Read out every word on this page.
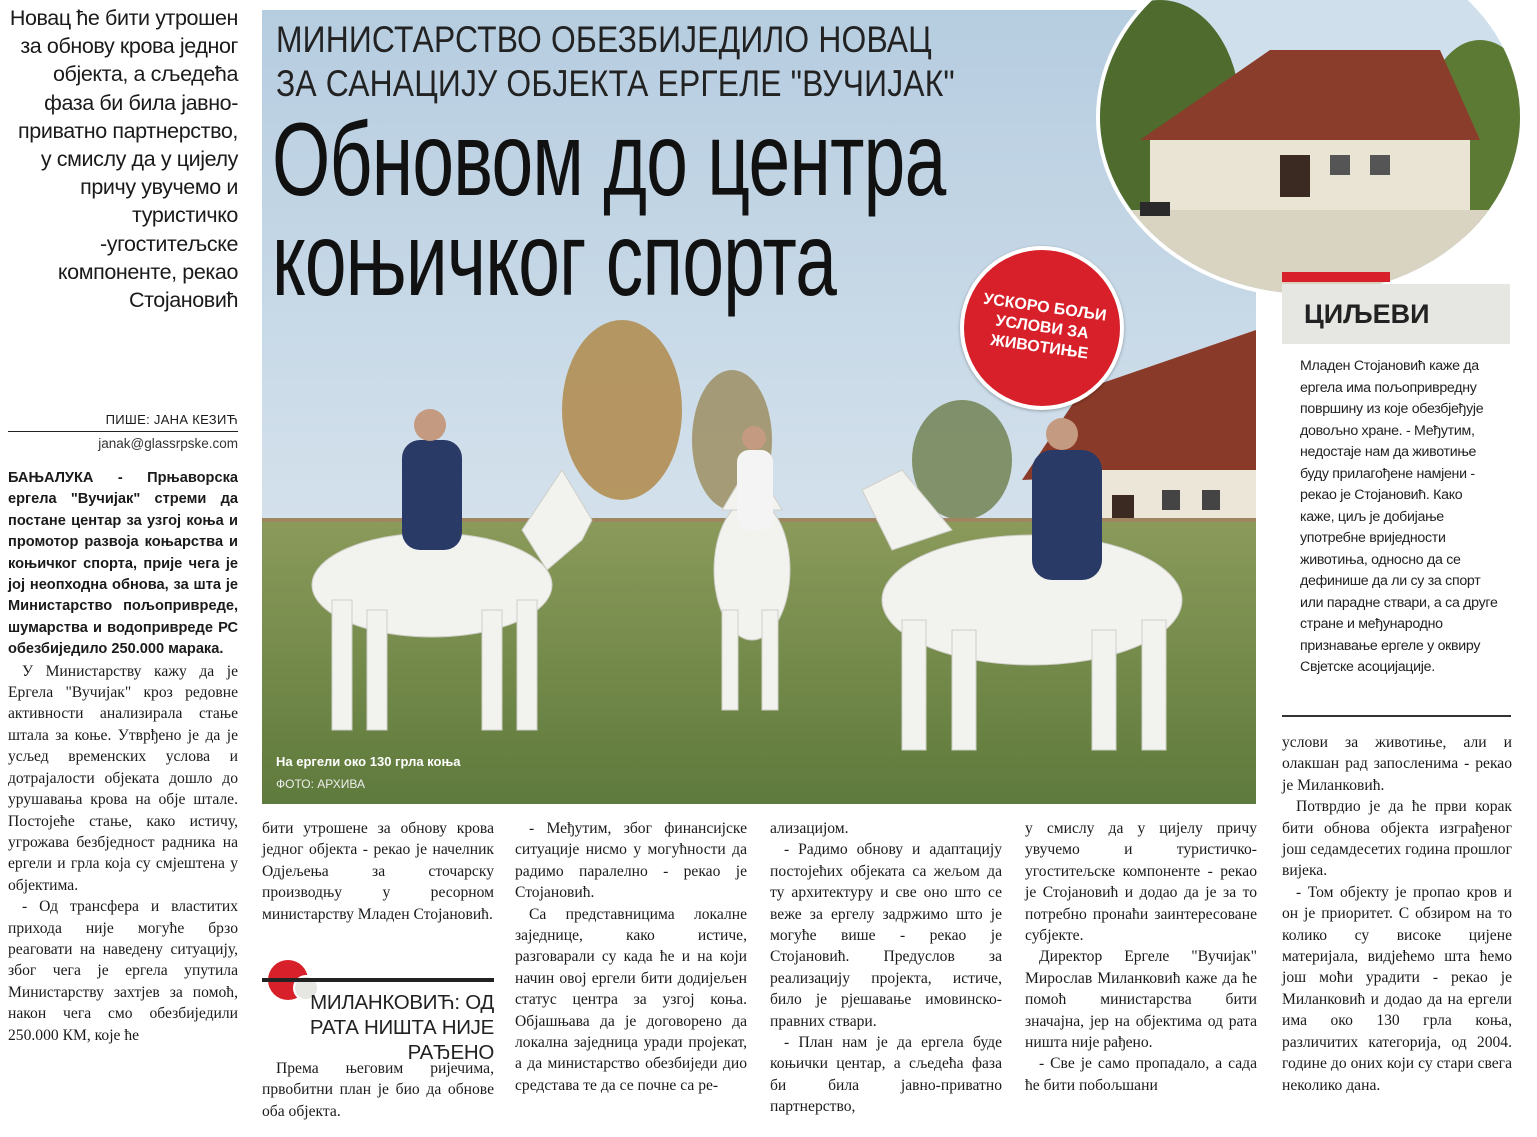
Новац ће бити утрошен за обнову крова једног објекта, а сљедећа фаза би била јавно-приватно партнерство, у смислу да у цијелу причу увучемо и туристичко -угоститељске компоненте, рекао Стојановић
ПИШЕ: ЈАНА КЕЗИЋ
janak@glassrpske.com

БАЊАЛУКА - Прњаворска ергела "Вучијак" стреми да постане центар за узгој коња и промотор развоја коњарства и коњичког спорта, прије чега је јој неопходна обнова, за шта је Министарство пољопривреде, шумарства и водопривреде РС обезбиједило 250.000 марака.

У Министарству кажу да је Ергела "Вучијак" кроз редовне активности анализирала стање штала за коње. Утврђено је да је усљед временских услова и дотрајалости објеката дошло до урушавања крова на обје штале. Постојеће стање, како истичу, угрожава безбједност радника на ергели и грла која су смјештена у објектима.

- Од трансфера и властитих прихода није могуће брзо реаговати на наведену ситуацију, због чега је ергела упутила Министарству захтјев за помоћ, након чега смо обезбиједили 250.000 КМ, које ће

МИНИСТАРСТВО ОБЕЗБИЈЕДИЛО НОВАЦ
ЗА САНАЦИЈУ ОБЈЕКТА ЕРГЕЛЕ "ВУЧИЈАК"
Обновом до центра
коњичког спорта	УСКОРО БОЉИ УСЛОВИ ЗА ЖИВОТИЊЕ
На ергели око 130 грла коња
ФОТО: АРХИВА
ЦИЉЕВИ

Младен Стојановић каже да ергела има пољопривредну површину из које обезбјеђује довољно хране. - Међутим, недостаје нам да животиње буду прилагођене намјени - рекао је Стојановић. Како каже, циљ је добијање употребне вриједности животиња, односно да се дефинише да ли су за спорт или парадне ствари, а са друге стране и међународно признавање ергеле у оквиру Свјетске асоцијације.

бити утрошене за обнову крова једног објекта - рекао је начелник Одјељења за сточарску производњу у ресорном министарству Младен Стојановић.

МИЛАНКОВИЋ: ОД РАТА НИШТА НИЈЕ РАЂЕНО

Према његовим ријечима, првобитни план је био да обнове оба објекта.

- Међутим, због финансијске ситуације нисмо у могућности да радимо паралелно - рекао је Стојановић.

Са представницима локалне заједнице, како истиче, разговарали су када ће и на који начин овој ергели бити додијељен статус центра за узгој коња. Објашњава да је договорено да локална заједница уради пројекат, а да министарство обезбиједи дио средстава те да се почне са ре-

ализацијом.

- Радимо обнову и адаптацију постојећих објеката са жељом да ту архитектуру и све оно што се веже за ергелу задржимо што је могуће више - рекао је Стојановић. Предуслов за реализацију пројекта, истиче, било је рјешавање имовинско-правних ствари.

- План нам је да ергела буде коњички центар, а сљедећа фаза би била јавно-приватно партнерство,

у смислу да у цијелу причу увучемо и туристичко-угоститељске компоненте - рекао је Стојановић и додао да је за то потребно пронаћи заинтересоване субјекте.

Директор Ергеле "Вучијак" Мирослав Миланковић каже да ће помоћ министарства бити значајна, јер на објектима од рата ништа није рађено.

- Све је само пропадало, а сада ће бити побољшани

услови за животиње, али и олакшан рад запосленима - рекао је Миланковић.

Потврдио је да ће први корак бити обнова објекта изграђеног још седамдесетих година прошлог вијека.

- Том објекту је пропао кров и он је приоритет. С обзиром на то колико су високе цијене материјала, видјећемо шта ћемо још моћи урадити - рекао је Миланковић и додао да на ергели има око 130 грла коња, различитих категорија, од 2004. године до оних који су стари свега неколико дана.
